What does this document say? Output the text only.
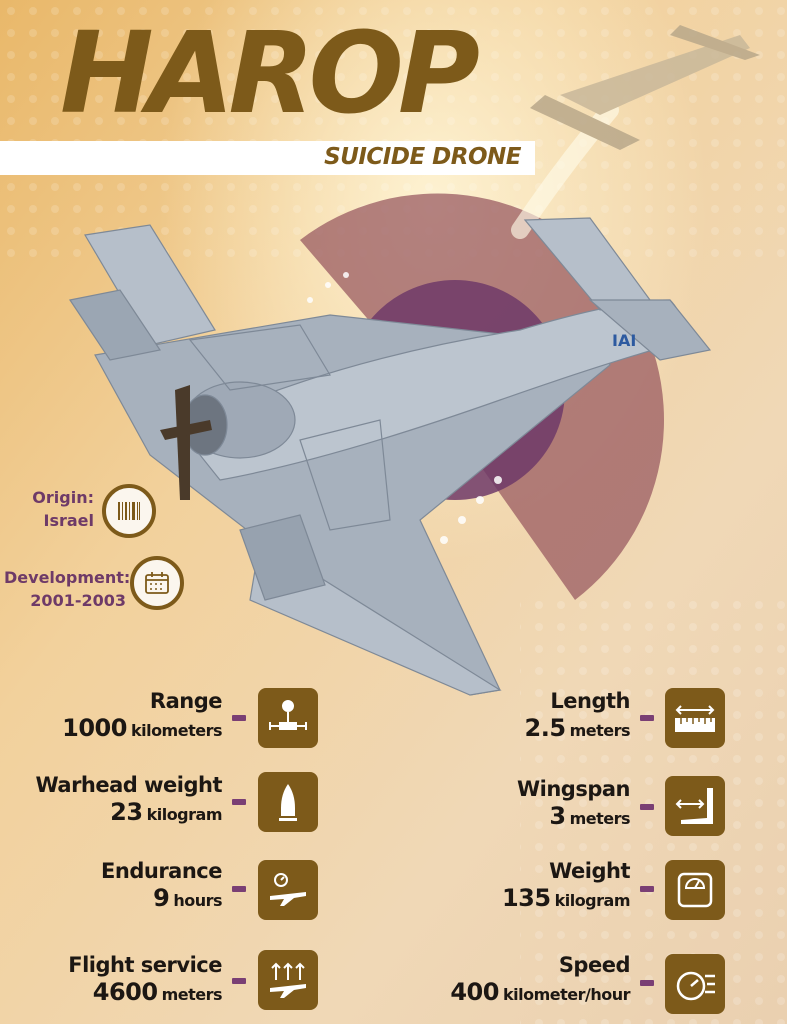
HAROP
SUICIDE DRONE
IAI
Origin:
Israel
Development:
2001-2003
Range
1000 kilometers
Warhead weight
23 kilogram
Endurance
9 hours
Flight service
4600 meters
Length
2.5 meters
Wingspan
3 meters
Weight
135 kilogram
Speed
400 kilometer/hour
